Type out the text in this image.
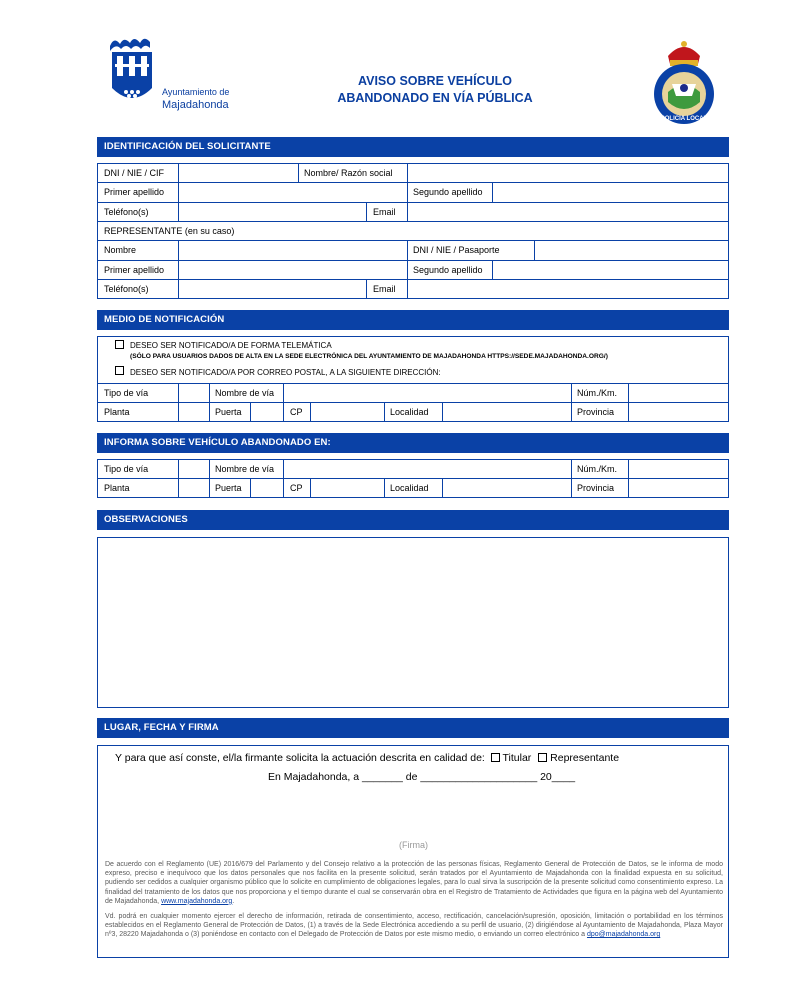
Ayuntamiento de
Majadahonda
AVISO SOBRE VEHÍCULO
ABANDONADO EN VÍA PÚBLICA
POLICIA LOCAL
IDENTIFICACIÓN DEL SOLICITANTE
DNI / NIE / CIF	Nombre/ Razón social
Primer apellido	Segundo apellido
Teléfono(s)	Email
REPRESENTANTE (en su caso)
Nombre	DNI / NIE / Pasaporte
Primer apellido	Segundo apellido
Teléfono(s)	Email
MEDIO DE NOTIFICACIÓN
DESEO SER NOTIFICADO/A DE FORMA TELEMÁTICA
(SÓLO PARA USUARIOS DADOS DE ALTA EN LA SEDE ELECTRÓNICA DEL AYUNTAMIENTO DE MAJADAHONDA HTTPS://SEDE.MAJADAHONDA.ORG/)
DESEO SER NOTIFICADO/A POR CORREO POSTAL, A LA SIGUIENTE DIRECCIÓN:
Tipo de vía	Nombre de vía	Núm./Km.
Planta	Puerta	CP	Localidad	Provincia
INFORMA SOBRE VEHÍCULO ABANDONADO EN:
Tipo de vía	Nombre de vía	Núm./Km.
Planta	Puerta	CP	Localidad	Provincia
OBSERVACIONES
LUGAR, FECHA Y FIRMA
Y para que así conste, el/la firmante solicita la actuación descrita en calidad de: Titular Representante
En Majadahonda, a _______ de ____________________ 20____
(Firma)
De acuerdo con el Reglamento (UE) 2016/679 del Parlamento y del Consejo relativo a la protección de las personas físicas, Reglamento General de Protección de Datos, se le informa de modo expreso, preciso e inequívoco que los datos personales que nos facilita en la presente solicitud, serán tratados por el Ayuntamiento de Majadahonda con la finalidad expuesta en su solicitud, pudiendo ser cedidos a cualquier organismo público que lo solicite en cumplimiento de obligaciones legales, para lo cual sirva la suscripción de la presente solicitud como consentimiento expreso. La finalidad del tratamiento de los datos que nos proporciona y el tiempo durante el cual se conservarán obra en el Registro de Tratamiento de Actividades que figura en la página web del Ayuntamiento de Majadahonda, www.majadahonda.org.
Vd. podrá en cualquier momento ejercer el derecho de información, retirada de consentimiento, acceso, rectificación, cancelación/supresión, oposición, limitación o portabilidad en los términos establecidos en el Reglamento General de Protección de Datos, (1) a través de la Sede Electrónica accediendo a su perfil de usuario, (2) dirigiéndose al Ayuntamiento de Majadahonda, Plaza Mayor nº3, 28220 Majadahonda o (3) poniéndose en contacto con el Delegado de Protección de Datos por este mismo medio, o enviando un correo electrónico a dpo@majadahonda.org
